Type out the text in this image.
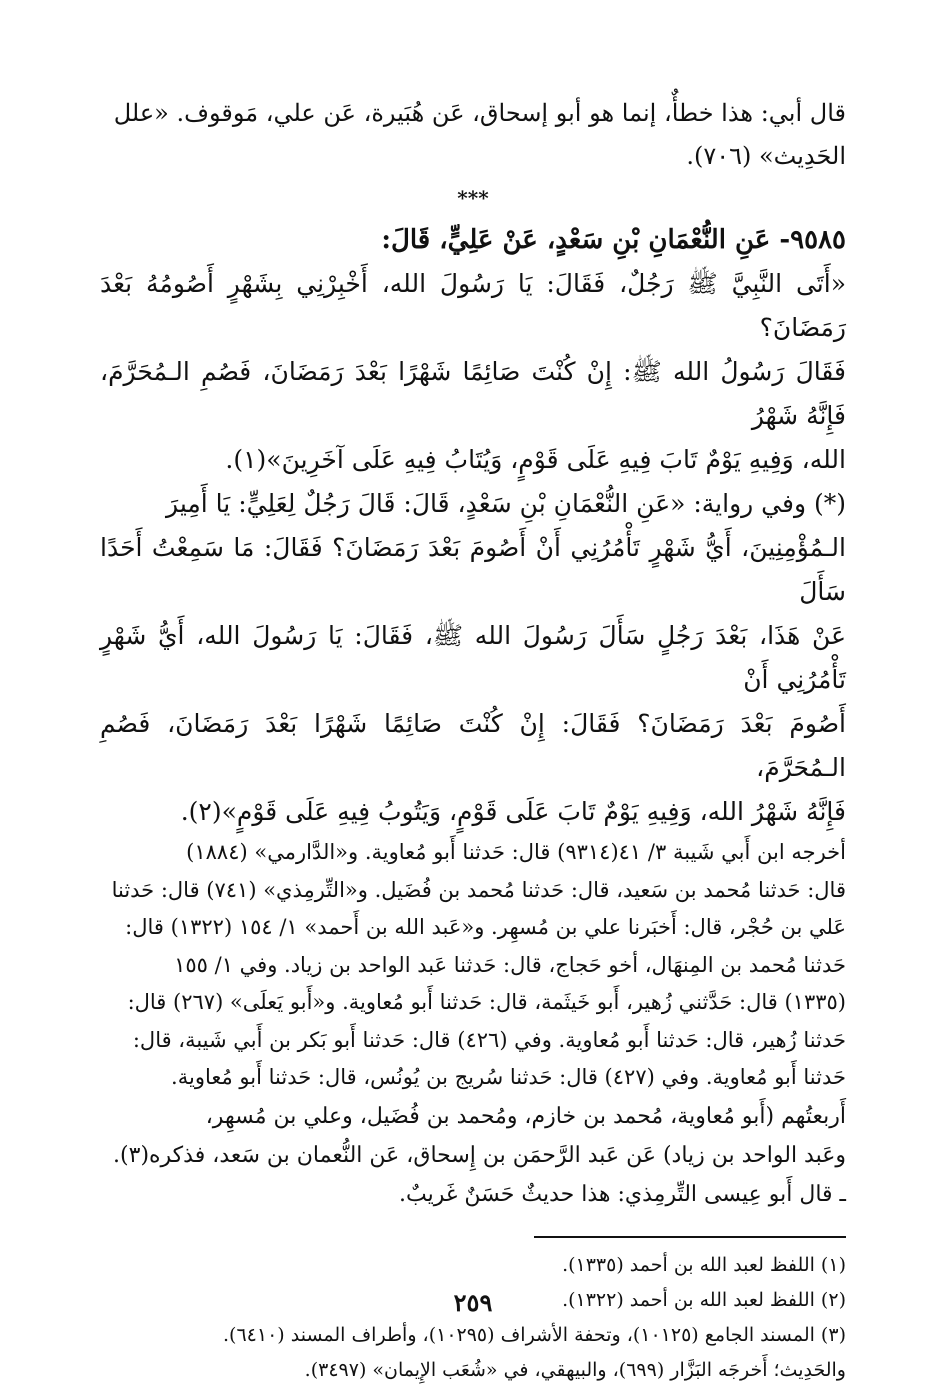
قال أبي: هذا خطأٌ، إنما هو أبو إسحاق، عَن هُبَيرة، عَن علي، مَوقوف. «علل

الحَدِيث» (٧٠٦).

***
٩٥٨٥- عَنِ النُّعْمَانِ بْنِ سَعْدٍ، عَنْ عَلِيٍّ، قَالَ:

«أَتَى النَّبِيَّ ﷺ رَجُلٌ، فَقَالَ: يَا رَسُولَ الله، أَخْبِرْنِي بِشَهْرٍ أَصُومُهُ بَعْدَ رَمَضَانَ؟

فَقَالَ رَسُولُ الله ﷺ: إِنْ كُنْتَ صَائِمًا شَهْرًا بَعْدَ رَمَضَانَ، فَصُمِ الـمُحَرَّمَ، فَإِنَّهُ شَهْرُ

الله، وَفِيهِ يَوْمٌ تَابَ فِيهِ عَلَى قَوْمٍ، وَيُتَابُ فِيهِ عَلَى آخَرِينَ»(١).

(*) وفي رواية: «عَنِ النُّعْمَانِ بْنِ سَعْدٍ، قَالَ: قَالَ رَجُلٌ لِعَلِيٍّ: يَا أَمِيرَ

الـمُؤْمِنِينَ، أَيُّ شَهْرٍ تَأْمُرُنِي أَنْ أَصُومَ بَعْدَ رَمَضَانَ؟ فَقَالَ: مَا سَمِعْتُ أَحَدًا سَأَلَ

عَنْ هَذَا، بَعْدَ رَجُلٍ سَأَلَ رَسُولَ الله ﷺ، فَقَالَ: يَا رَسُولَ الله، أَيُّ شَهْرٍ تَأْمُرُنِي أَنْ

أَصُومَ بَعْدَ رَمَضَانَ؟ فَقَالَ: إِنْ كُنْتَ صَائِمًا شَهْرًا بَعْدَ رَمَضَانَ، فَصُمِ الـمُحَرَّمَ،

فَإِنَّهُ شَهْرُ الله، وَفِيهِ يَوْمٌ تَابَ عَلَى قَوْمٍ، وَيَتُوبُ فِيهِ عَلَى قَوْمٍ»(٢).

أخرجه ابن أَبي شَيبة ٣/ ٤١(٩٣١٤) قال: حَدثنا أَبو مُعاوية. و«الدَّارمي» (١٨٨٤)

قال: حَدثنا مُحمد بن سَعيد، قال: حَدثنا مُحمد بن فُضَيل. و«التِّرمِذي» (٧٤١) قال: حَدثنا

عَلي بن حُجْر، قال: أَخبَرنا علي بن مُسهِر. و«عَبد الله بن أَحمد» ١/ ١٥٤ (١٣٢٢) قال:

حَدثنا مُحمد بن المِنهَال، أخو حَجاج، قال: حَدثنا عَبد الواحد بن زياد. وفي ١/ ١٥٥

(١٣٣٥) قال: حَدَّثني زُهير، أَبو خَيثَمة، قال: حَدثنا أَبو مُعاوية. و«أَبو يَعلَى» (٢٦٧) قال:

حَدثنا زُهير، قال: حَدثنا أَبو مُعاوية. وفي (٤٢٦) قال: حَدثنا أَبو بَكر بن أَبي شَيبة، قال:

حَدثنا أَبو مُعاوية. وفي (٤٢٧) قال: حَدثنا سُريج بن يُونُس، قال: حَدثنا أَبو مُعاوية.

أَربعتُهم (أَبو مُعاوية، مُحمد بن خازم، ومُحمد بن فُضَيل، وعلي بن مُسهِر،

وعَبد الواحد بن زياد) عَن عَبد الرَّحمَن بن إِسحاق، عَن النُّعمان بن سَعد، فذكره(٣).

ـ قال أَبو عِيسى التِّرمِذي: هذا حديثٌ حَسَنٌ غَريبٌ.

(١) اللفظ لعبد الله بن أحمد (١٣٣٥).

(٢) اللفظ لعبد الله بن أحمد (١٣٢٢).

(٣) المسند الجامع (١٠١٢٥)، وتحفة الأشراف (١٠٢٩٥)، وأطراف المسند (٦٤١٠).

والحَدِيث؛ أَخرجَه البَزَّار (٦٩٩)، والبيهقي، في «شُعَب الإِيمان» (٣٤٩٧).

٢٥٩
